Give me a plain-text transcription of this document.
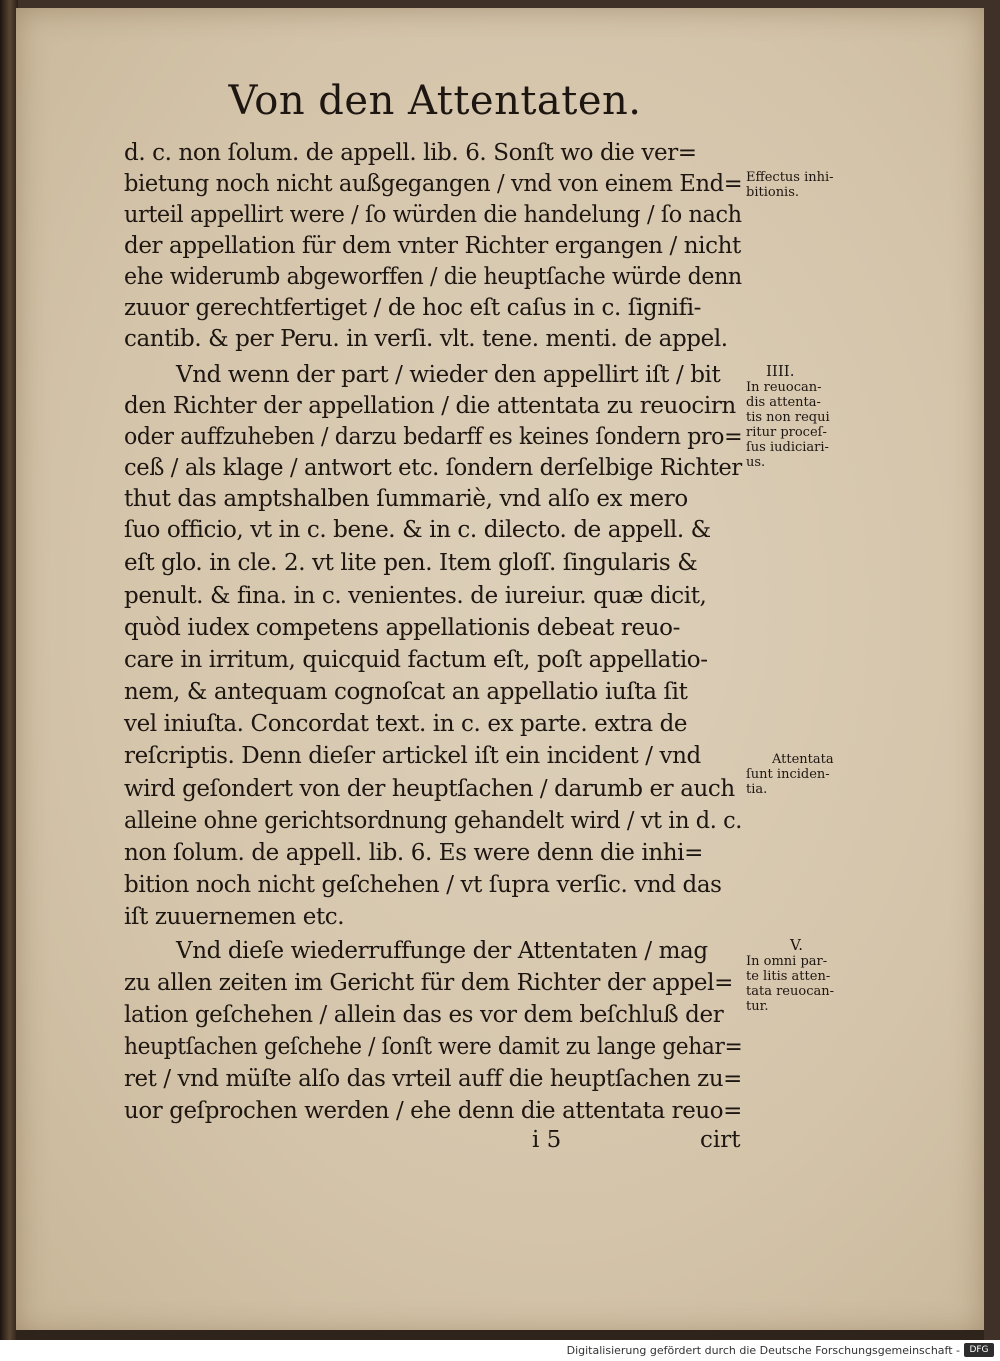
Von den Attentaten.
d. c. non ſolum. de appell. lib. 6. Sonſt wo die ver=
bietung noch nicht außgegangen / vnd von einem End=
urteil appellirt were / ſo würden die handelung / ſo nach
der appellation für dem vnter Richter ergangen / nicht
ehe widerumb abgeworffen / die heuptſache würde denn
zuuor gerechtfertiget / de hoc eſt caſus in c. ſignifi-
cantib. & per Peru. in verſi. vlt. tene. menti. de appel.
Vnd wenn der part / wieder den appellirt iſt / bit
den Richter der appellation / die attentata zu reuocirn
oder auffzuheben / darzu bedarff es keines ſondern pro=
ceß / als klage / antwort etc. ſondern derſelbige Richter
thut das amptshalben ſummariè, vnd alſo ex mero
ſuo officio, vt in c. bene. & in c. dilecto. de appell. &
eſt glo. in cle. 2. vt lite pen. Item gloſſ. ſingularis &
penult. & fina. in c. venientes. de iureiur. quæ dicit,
quòd iudex competens appellationis debeat reuo-
care in irritum, quicquid factum eſt, poſt appellatio-
nem, & antequam cognoſcat an appellatio iuſta ſit
vel iniuſta. Concordat text. in c. ex parte. extra de
reſcriptis. Denn dieſer artickel iſt ein incident / vnd
wird geſondert von der heuptſachen / darumb er auch
alleine ohne gerichtsordnung gehandelt wird / vt in d. c.
non ſolum. de appell. lib. 6. Es were denn die inhi=
bition noch nicht geſchehen / vt ſupra verſic. vnd das
iſt zuuernemen etc.
Vnd dieſe wiederruffunge der Attentaten / mag
zu allen zeiten im Gericht für dem Richter der appel=
lation geſchehen / allein das es vor dem beſchluß der
heuptſachen geſchehe / ſonſt were damit zu lange gehar=
ret / vnd müſte alſo das vrteil auff die heuptſachen zu=
uor geſprochen werden / ehe denn die attentata reuo=
Effectus inhi-
bitionis.
IIII.
In reuocan-
dis attenta-
tis non requi
ritur proceſ-
ſus iudiciari-
us.
Attentata
ſunt inciden-
tia.
V.
In omni par-
te litis atten-
tata reuocan-
tur.
i 5	cirt
Digitalisierung gefördert durch die Deutsche Forschungsgemeinschaft -	DFG
